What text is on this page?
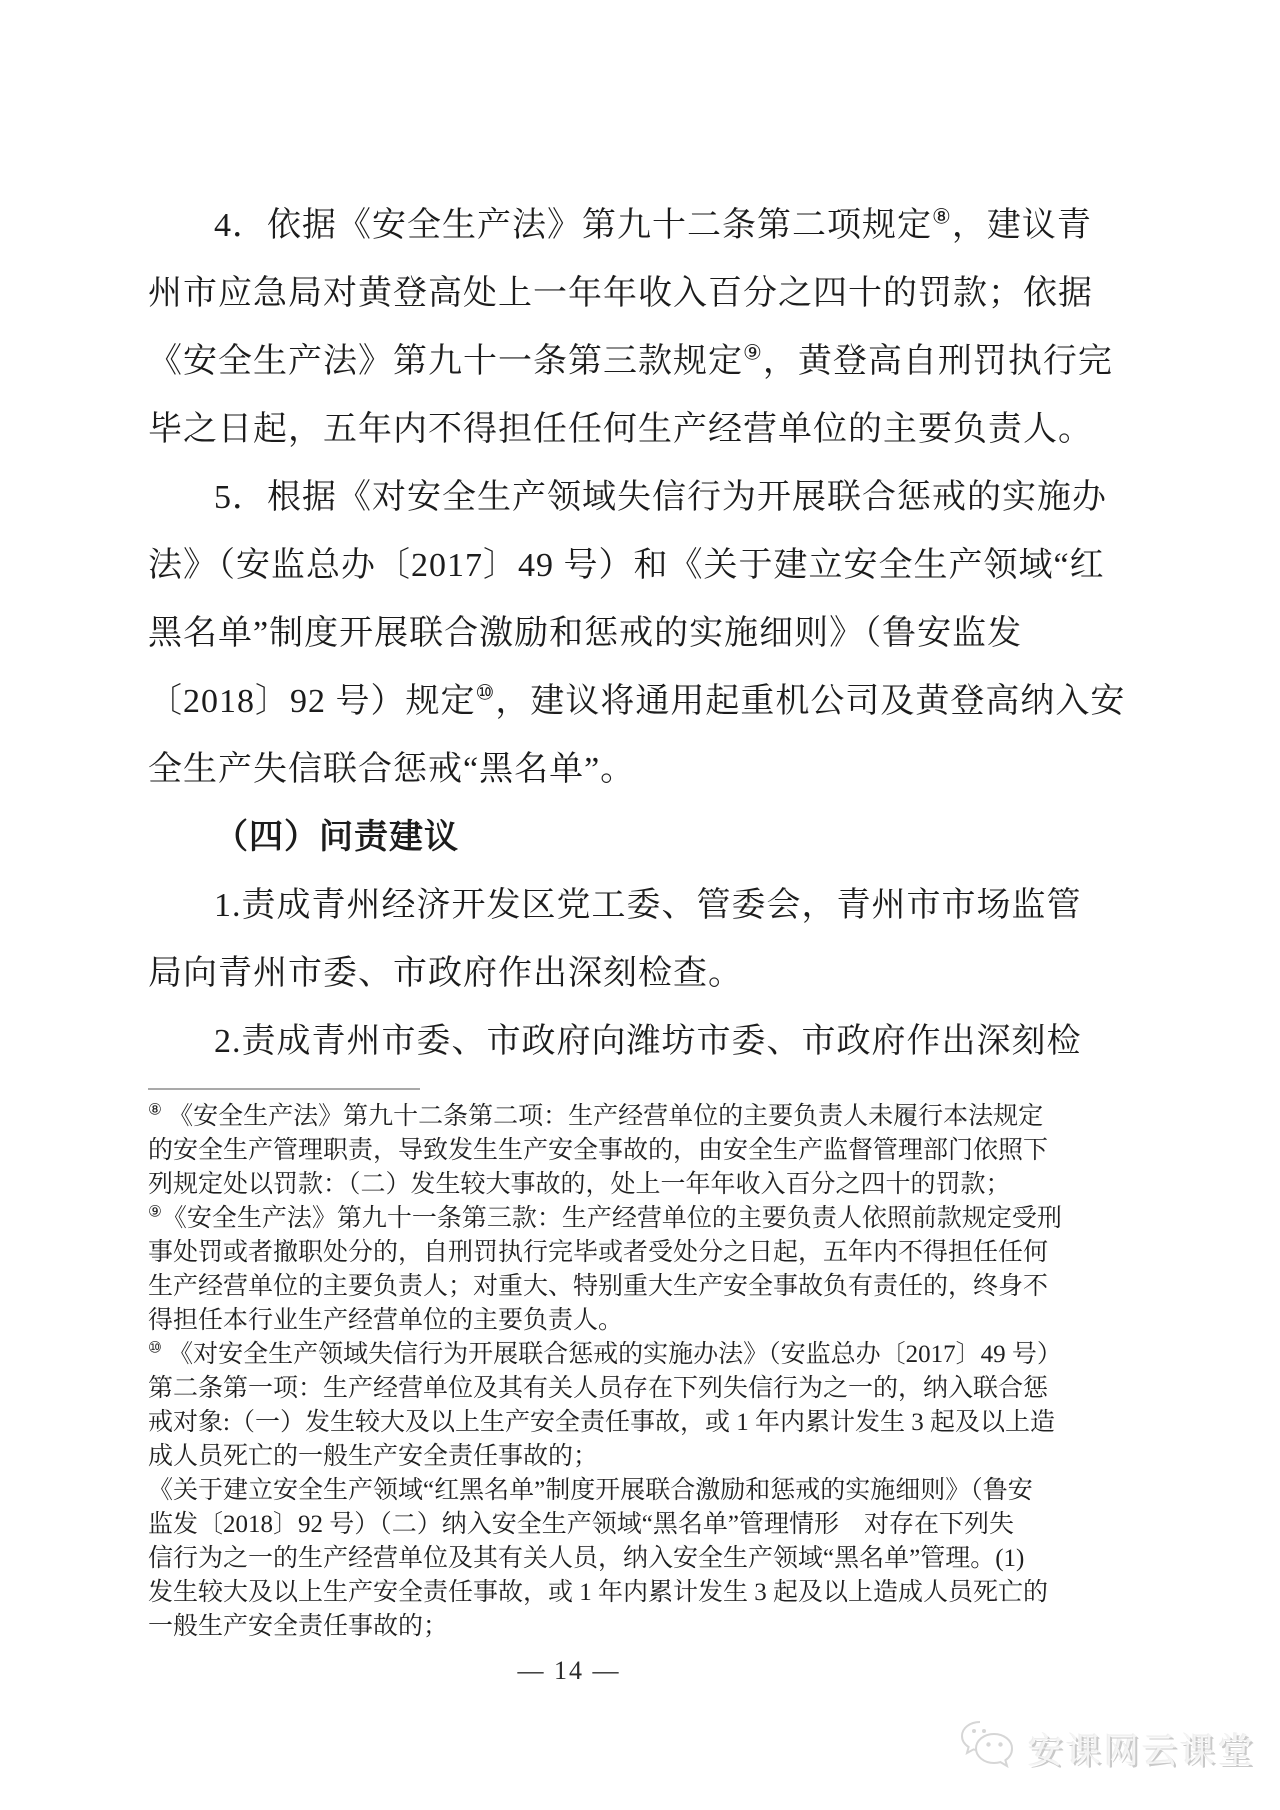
4．依据《安全生产法》第九十二条第二项规定⑧，建议青
州市应急局对黄登高处上一年年收入百分之四十的罚款；依据
《安全生产法》第九十一条第三款规定⑨，黄登高自刑罚执行完
毕之日起，五年内不得担任任何生产经营单位的主要负责人。
5．根据《对安全生产领域失信行为开展联合惩戒的实施办
法》（安监总办〔2017〕49 号）和《关于建立安全生产领域“红
黑名单”制度开展联合激励和惩戒的实施细则》（鲁安监发
〔2018〕92 号）规定⑩，建议将通用起重机公司及黄登高纳入安
全生产失信联合惩戒“黑名单”。
（四）问责建议
1.责成青州经济开发区党工委、管委会，青州市市场监管
局向青州市委、市政府作出深刻检查。
2.责成青州市委、市政府向潍坊市委、市政府作出深刻检
⑧ 《安全生产法》第九十二条第二项：生产经营单位的主要负责人未履行本法规定
的安全生产管理职责，导致发生生产安全事故的，由安全生产监督管理部门依照下
列规定处以罚款：（二）发生较大事故的，处上一年年收入百分之四十的罚款；
⑨《安全生产法》第九十一条第三款：生产经营单位的主要负责人依照前款规定受刑
事处罚或者撤职处分的，自刑罚执行完毕或者受处分之日起，五年内不得担任任何
生产经营单位的主要负责人；对重大、特别重大生产安全事故负有责任的，终身不
得担任本行业生产经营单位的主要负责人。
⑩ 《对安全生产领域失信行为开展联合惩戒的实施办法》（安监总办〔2017〕49 号）
第二条第一项：生产经营单位及其有关人员存在下列失信行为之一的，纳入联合惩
戒对象:（一）发生较大及以上生产安全责任事故，或 1 年内累计发生 3 起及以上造
成人员死亡的一般生产安全责任事故的；
《关于建立安全生产领域“红黑名单”制度开展联合激励和惩戒的实施细则》（鲁安
监发〔2018〕92 号）（二）纳入安全生产领域“黑名单”管理情形　对存在下列失
信行为之一的生产经营单位及其有关人员，纳入安全生产领域“黑名单”管理。(1)
发生较大及以上生产安全责任事故，或 1 年内累计发生 3 起及以上造成人员死亡的
一般生产安全责任事故的；
— 14 —
安课网云课堂
